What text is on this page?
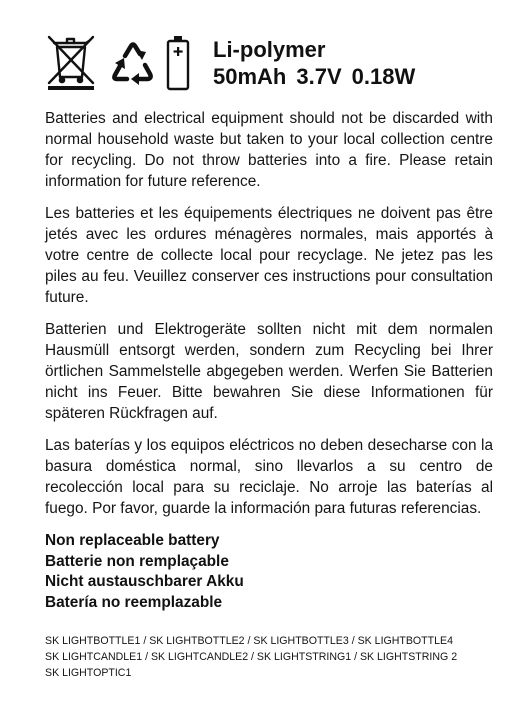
Li-polymer
50mAh 3.7V 0.18W

Batteries and electrical equipment should not be discarded with normal household waste but taken to your local collection centre for recycling. Do not throw batteries into a fire. Please retain information for future reference.

Les batteries et les équipements électriques ne doivent pas être jetés avec les ordures ménagères normales, mais apportés à votre centre de collecte local pour recyclage. Ne jetez pas les piles au feu. Veuillez conserver ces instructions pour consultation future.

Batterien und Elektrogeräte sollten nicht mit dem normalen Hausmüll entsorgt werden, sondern zum Recycling bei Ihrer örtlichen Sammelstelle abgegeben werden. Werfen Sie Batterien nicht ins Feuer. Bitte bewahren Sie diese Informationen für späteren Rückfragen auf.

Las baterías y los equipos eléctricos no deben desecharse con la basura doméstica normal, sino llevarlos a su centro de recolección local para su reciclaje. No arroje las baterías al fuego. Por favor, guarde la información para futuras referencias.

Non replaceable battery
Batterie non remplaçable
Nicht austauschbarer Akku
Batería no reemplazable
SK LIGHTBOTTLE1 / SK LIGHTBOTTLE2 / SK LIGHTBOTTLE3 / SK LIGHTBOTTLE4
SK LIGHTCANDLE1 / SK LIGHTCANDLE2 / SK LIGHTSTRING1 / SK LIGHTSTRING 2
SK LIGHTOPTIC1
